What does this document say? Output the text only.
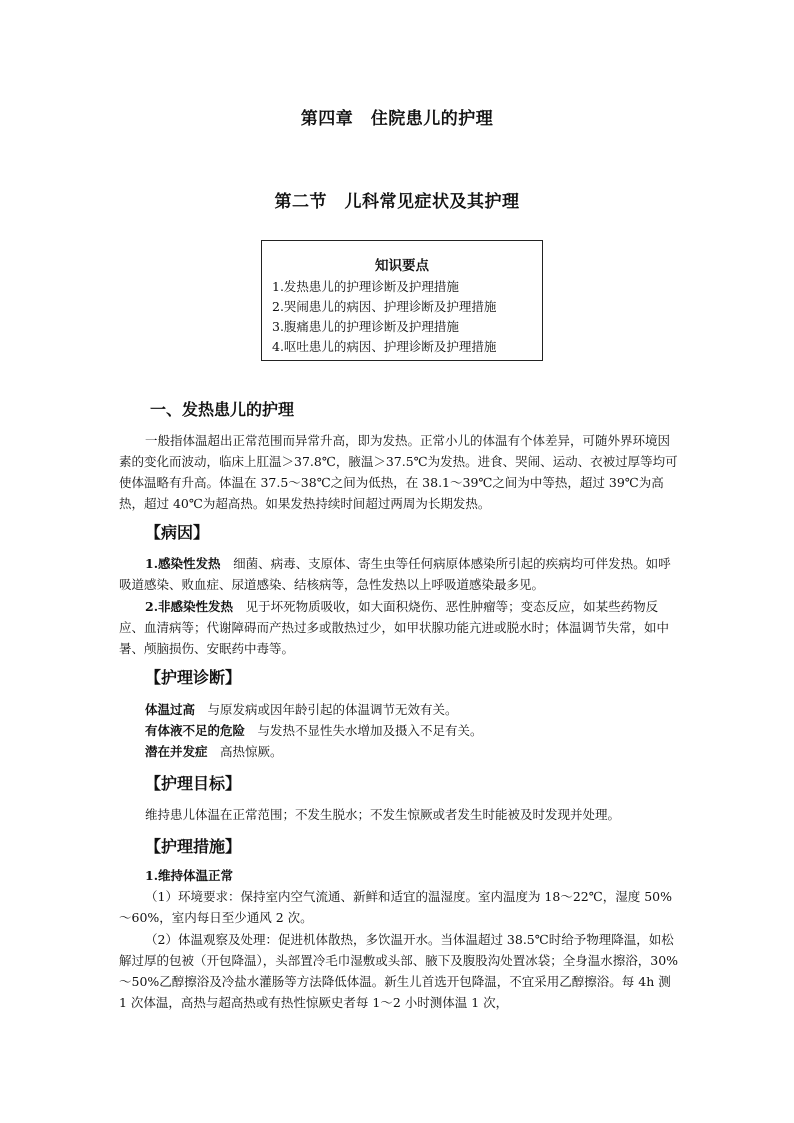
第四章　住院患儿的护理
第二节　儿科常见症状及其护理
知识要点
1.发热患儿的护理诊断及护理措施
2.哭闹患儿的病因、护理诊断及护理措施
3.腹痛患儿的护理诊断及护理措施
4.呕吐患儿的病因、护理诊断及护理措施
一、发热患儿的护理
一般指体温超出正常范围而异常升高，即为发热。正常小儿的体温有个体差异，可随外界环境因素的变化而波动，临床上肛温＞37.8℃，腋温＞37.5℃为发热。进食、哭闹、运动、衣被过厚等均可使体温略有升高。体温在 37.5～38℃之间为低热，在 38.1～39℃之间为中等热，超过 39℃为高热，超过 40℃为超高热。如果发热持续时间超过两周为长期发热。
【病因】
1.感染性发热　细菌、病毒、支原体、寄生虫等任何病原体感染所引起的疾病均可伴发热。如呼吸道感染、败血症、尿道感染、结核病等，急性发热以上呼吸道感染最多见。
2.非感染性发热　见于坏死物质吸收，如大面积烧伤、恶性肿瘤等；变态反应，如某些药物反应、血清病等；代谢障碍而产热过多或散热过少，如甲状腺功能亢进或脱水时；体温调节失常，如中暑、颅脑损伤、安眠药中毒等。
【护理诊断】
体温过高　与原发病或因年龄引起的体温调节无效有关。
有体液不足的危险　与发热不显性失水增加及摄入不足有关。
潜在并发症　高热惊厥。
【护理目标】
维持患儿体温在正常范围；不发生脱水；不发生惊厥或者发生时能被及时发现并处理。
【护理措施】
1.维持体温正常
（1）环境要求：保持室内空气流通、新鲜和适宜的温湿度。室内温度为 18～22℃，湿度 50%～60%，室内每日至少通风 2 次。
（2）体温观察及处理：促进机体散热，多饮温开水。当体温超过 38.5℃时给予物理降温，如松解过厚的包被（开包降温），头部置冷毛巾湿敷或头部、腋下及腹股沟处置冰袋；全身温水擦浴，30%～50%乙醇擦浴及冷盐水灌肠等方法降低体温。新生儿首选开包降温，不宜采用乙醇擦浴。每 4h 测 1 次体温，高热与超高热或有热性惊厥史者每 1～2 小时测体温 1 次，
